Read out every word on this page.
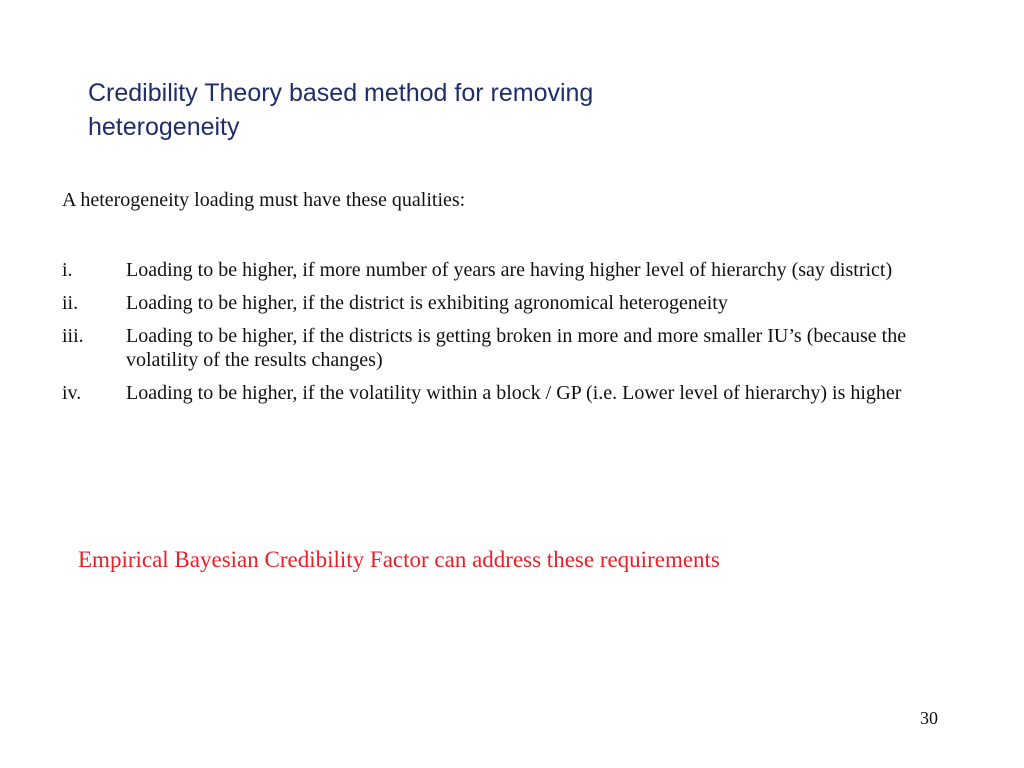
Credibility Theory based method for removing heterogeneity

A heterogeneity loading must have these qualities:

i.	Loading to be higher, if more number of years are having higher level of hierarchy (say district)
ii.	Loading to be higher, if the district is exhibiting agronomical heterogeneity
iii.	Loading to be higher, if the districts is getting broken in more and more smaller IU’s (because the volatility of the results changes)
iv.	Loading to be higher, if the volatility within a block / GP (i.e. Lower level of hierarchy) is higher

Empirical Bayesian Credibility Factor can address these requirements

30
